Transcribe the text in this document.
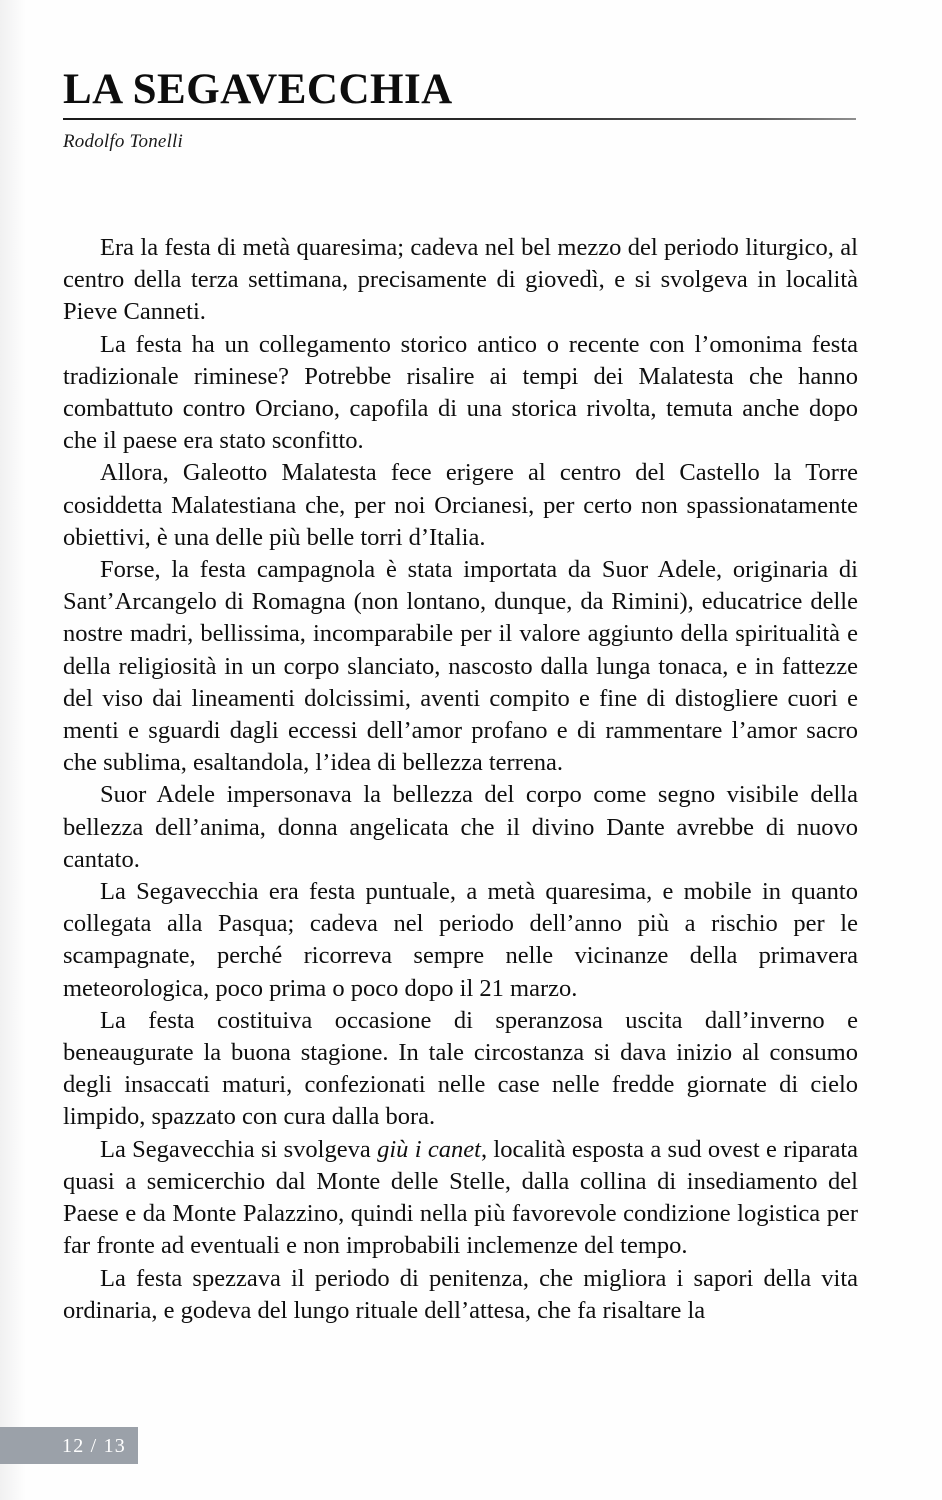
LA SEGAVECCHIA
Rodolfo Tonelli

Era la festa di metà quaresima; cadeva nel bel mezzo del periodo liturgico, al centro della terza settimana, precisamente di giovedì, e si svolgeva in località Pieve Canneti.

La festa ha un collegamento storico antico o recente con l’omonima festa tradizionale riminese? Potrebbe risalire ai tempi dei Malatesta che hanno combattuto contro Orciano, capofila di una storica rivolta, temuta anche dopo che il paese era stato sconfitto.

Allora, Galeotto Malatesta fece erigere al centro del Castello la Torre cosiddetta Malatestiana che, per noi Orcianesi, per certo non spassionatamente obiettivi, è una delle più belle torri d’Italia.

Forse, la festa campagnola è stata importata da Suor Adele, originaria di Sant’Arcangelo di Romagna (non lontano, dunque, da Rimini), educatrice delle nostre madri, bellissima, incomparabile per il valore aggiunto della spiritualità e della religiosità in un corpo slanciato, nascosto dalla lunga tonaca, e in fattezze del viso dai lineamenti dolcissimi, aventi compito e fine di distogliere cuori e menti e sguardi dagli eccessi dell’amor profano e di rammentare l’amor sacro che sublima, esaltandola, l’idea di bellezza terrena.

Suor Adele impersonava la bellezza del corpo come segno visibile della bellezza dell’anima, donna angelicata che il divino Dante avrebbe di nuovo cantato.

La Segavecchia era festa puntuale, a metà quaresima, e mobile in quanto collegata alla Pasqua; cadeva nel periodo dell’anno più a rischio per le scampagnate, perché ricorreva sempre nelle vicinanze della primavera meteorologica, poco prima o poco dopo il 21 marzo.

La festa costituiva occasione di speranzosa uscita dall’inverno e beneaugurate la buona stagione. In tale circostanza si dava inizio al consumo degli insaccati maturi, confezionati nelle case nelle fredde giornate di cielo limpido, spazzato con cura dalla bora.

La Segavecchia si svolgeva giù i canet, località esposta a sud ovest e riparata quasi a semicerchio dal Monte delle Stelle, dalla collina di insediamento del Paese e da Monte Palazzino, quindi nella più favorevole condizione logistica per far fronte ad eventuali e non improbabili inclemenze del tempo.

La festa spezzava il periodo di penitenza, che migliora i sapori della vita ordinaria, e godeva del lungo rituale dell’attesa, che fa risaltare la

12 / 13
